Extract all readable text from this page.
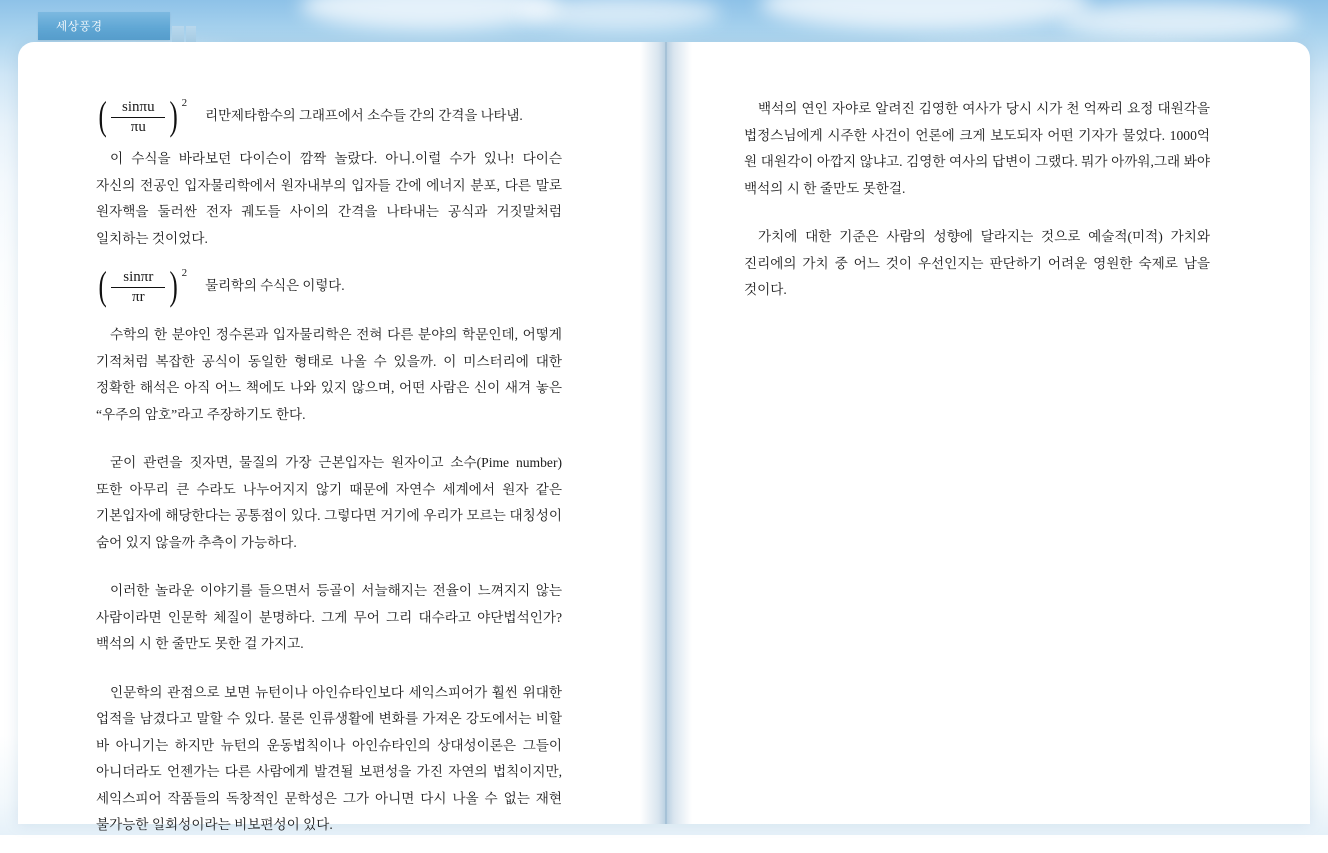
세상풍경
( $\frac{\sin\pi u}{\pi u}$ ) 2
리만제타함수의 그래프에서 소수들 간의 간격을 나타냄.

이 수식을 바라보던 다이슨이 깜짝 놀랐다. 아니.이럴 수가 있나! 다이슨 자신의 전공인 입자물리학에서 원자내부의 입자들 간에 에너지 분포, 다른 말로 원자핵을 둘러싼 전자 궤도들 사이의 간격을 나타내는 공식과 거짓말처럼 일치하는 것이었다.

( $\frac{\sin\pi r}{\pi r}$ ) 2
물리학의 수식은 이렇다.

수학의 한 분야인 정수론과 입자물리학은 전혀 다른 분야의 학문인데, 어떻게 기적처럼 복잡한 공식이 동일한 형태로 나올 수 있을까. 이 미스터리에 대한 정확한 해석은 아직 어느 책에도 나와 있지 않으며, 어떤 사람은 신이 새겨 놓은 “우주의 암호”라고 주장하기도 한다.

굳이 관련을 짓자면, 물질의 가장 근본입자는 원자이고 소수(Pime number) 또한 아무리 큰 수라도 나누어지지 않기 때문에 자연수 세계에서 원자 같은 기본입자에 해당한다는 공통점이 있다. 그렇다면 거기에 우리가 모르는 대칭성이 숨어 있지 않을까 추측이 가능하다.

이러한 놀라운 이야기를 들으면서 등골이 서늘해지는 전율이 느껴지지 않는 사람이라면 인문학 체질이 분명하다. 그게 무어 그리 대수라고 야단법석인가? 백석의 시 한 줄만도 못한 걸 가지고.

인문학의 관점으로 보면 뉴턴이나 아인슈타인보다 세익스피어가 훨씬 위대한 업적을 남겼다고 말할 수 있다. 물론 인류생활에 변화를 가져온 강도에서는 비할 바 아니기는 하지만 뉴턴의 운동법칙이나 아인슈타인의 상대성이론은 그들이 아니더라도 언젠가는 다른 사람에게 발견될 보편성을 가진 자연의 법칙이지만, 세익스피어 작품들의 독창적인 문학성은 그가 아니면 다시 나올 수 없는 재현 불가능한 일회성이라는 비보편성이 있다.

백석의 연인 자야로 알려진 김영한 여사가 당시 시가 천 억짜리 요정 대원각을 법정스님에게 시주한 사건이 언론에 크게 보도되자 어떤 기자가 물었다. 1000억 원 대원각이 아깝지 않냐고. 김영한 여사의 답변이 그랬다. 뭐가 아까워,그래 봐야 백석의 시 한 줄만도 못한걸.

가치에 대한 기준은 사람의 성향에 달라지는 것으로 예술적(미적) 가치와 진리에의 가치 중 어느 것이 우선인지는 판단하기 어려운 영원한 숙제로 남을 것이다.
